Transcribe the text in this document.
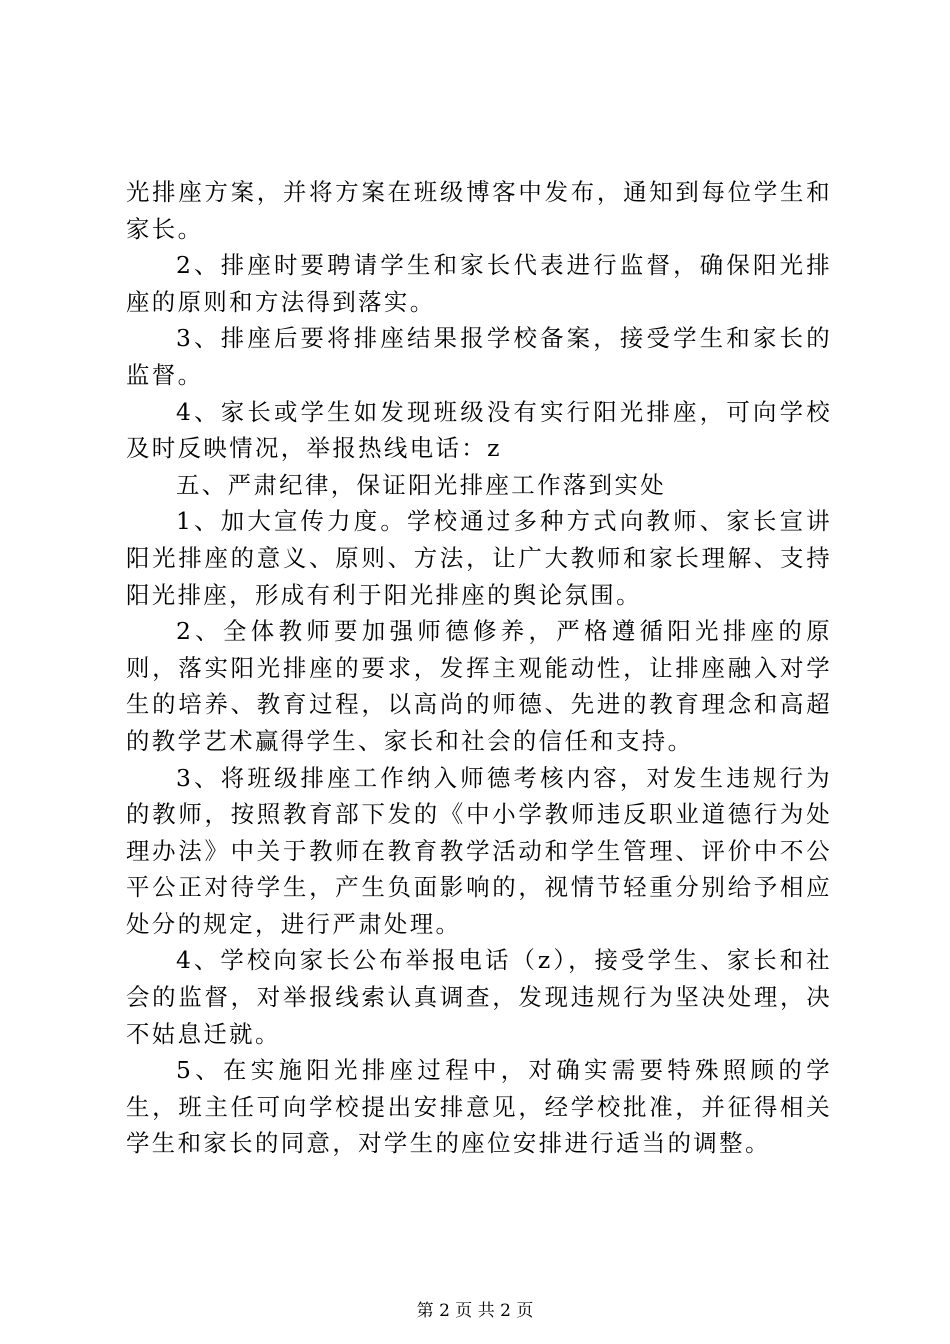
光排座方案，并将方案在班级博客中发布，通知到每位学生和家长。

2、排座时要聘请学生和家长代表进行监督，确保阳光排座的原则和方法得到落实。

3、排座后要将排座结果报学校备案，接受学生和家长的监督。

4、家长或学生如发现班级没有实行阳光排座，可向学校及时反映情况，举报热线电话：z

五、严肃纪律，保证阳光排座工作落到实处

1、加大宣传力度。学校通过多种方式向教师、家长宣讲阳光排座的意义、原则、方法，让广大教师和家长理解、支持阳光排座，形成有利于阳光排座的舆论氛围。

2、全体教师要加强师德修养，严格遵循阳光排座的原则，落实阳光排座的要求，发挥主观能动性，让排座融入对学生的培养、教育过程，以高尚的师德、先进的教育理念和高超的教学艺术赢得学生、家长和社会的信任和支持。

3、将班级排座工作纳入师德考核内容，对发生违规行为的教师，按照教育部下发的《中小学教师违反职业道德行为处理办法》中关于教师在教育教学活动和学生管理、评价中不公平公正对待学生，产生负面影响的，视情节轻重分别给予相应处分的规定，进行严肃处理。

4、学校向家长公布举报电话（z），接受学生、家长和社会的监督，对举报线索认真调查，发现违规行为坚决处理，决不姑息迁就。

5、在实施阳光排座过程中，对确实需要特殊照顾的学生，班主任可向学校提出安排意见，经学校批准，并征得相关学生和家长的同意，对学生的座位安排进行适当的调整。

第 2 页 共 2 页
